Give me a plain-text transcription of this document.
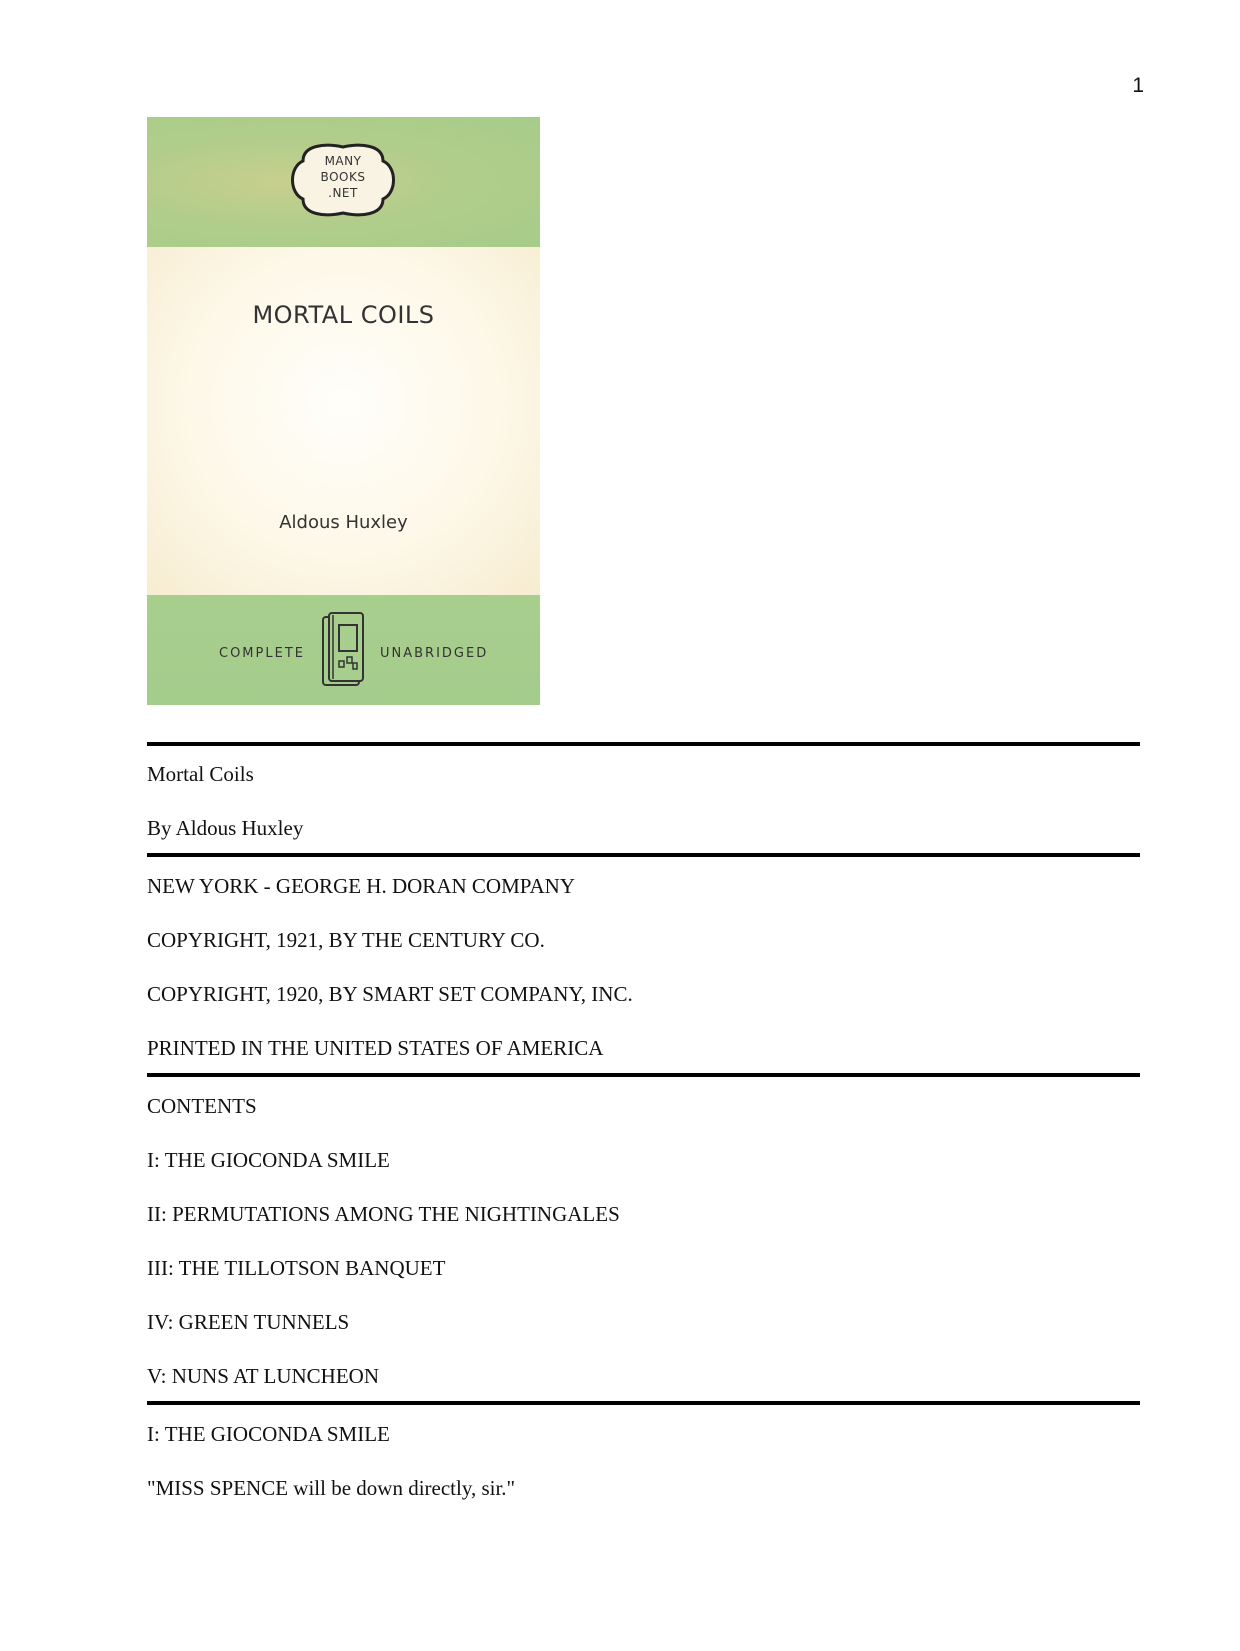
1
MANY
BOOKS
.NET
MORTAL COILS
Aldous Huxley
COMPLETE	UNABRIDGED
Mortal Coils
By Aldous Huxley
NEW YORK - GEORGE H. DORAN COMPANY
COPYRIGHT, 1921, BY THE CENTURY CO.
COPYRIGHT, 1920, BY SMART SET COMPANY, INC.
PRINTED IN THE UNITED STATES OF AMERICA
CONTENTS
I: THE GIOCONDA SMILE
II: PERMUTATIONS AMONG THE NIGHTINGALES
III: THE TILLOTSON BANQUET
IV: GREEN TUNNELS
V: NUNS AT LUNCHEON
I: THE GIOCONDA SMILE
"MISS SPENCE will be down directly, sir."
